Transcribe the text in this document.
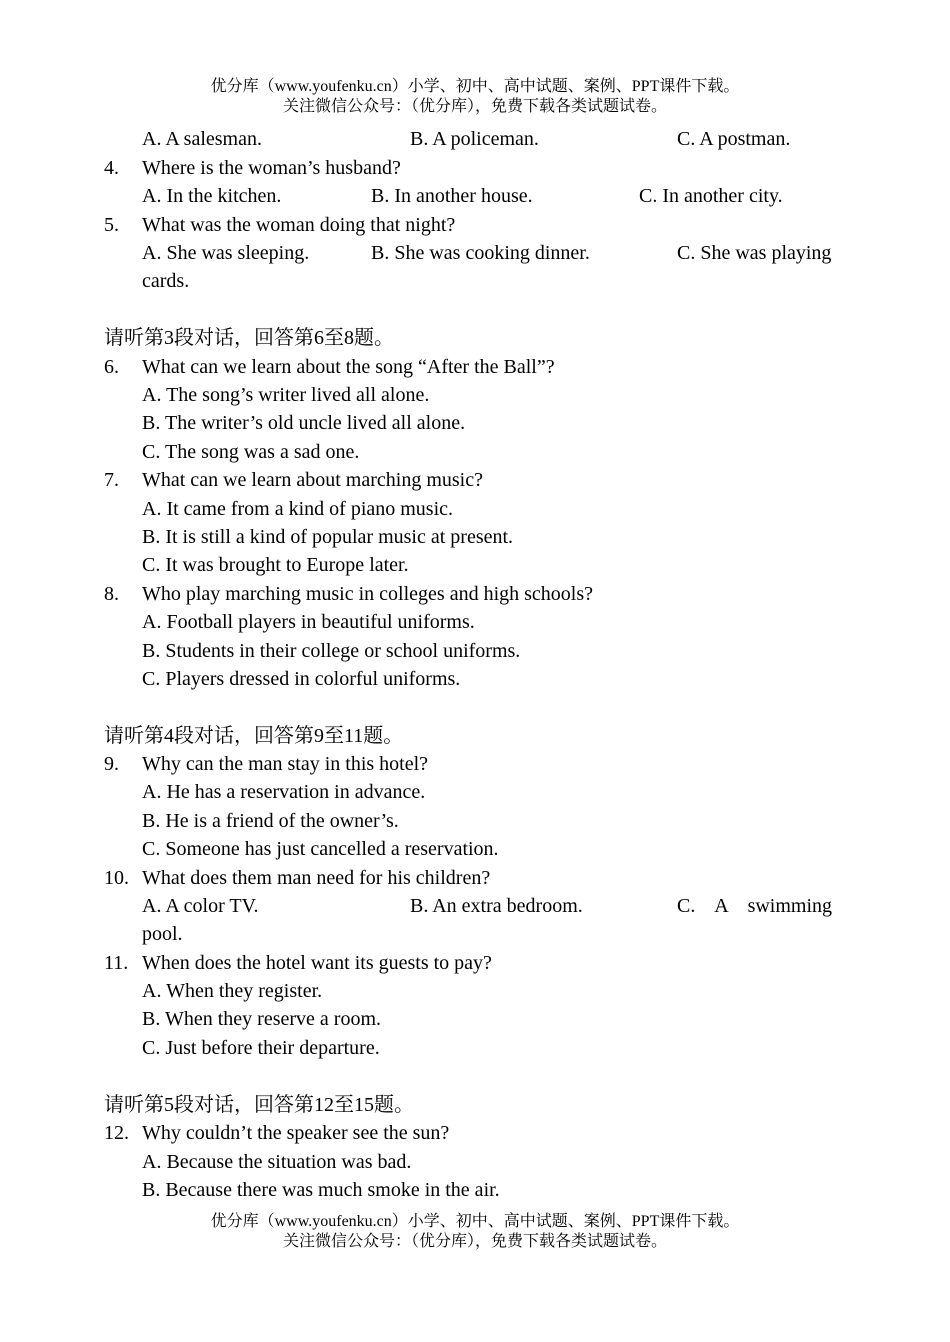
优分库（www.youfenku.cn）小学、初中、高中试题、案例、PPT课件下载。
关注微信公众号：（优分库），免费下载各类试题试卷。
A. A salesman.	B. A policeman.	C. A postman.
4. Where is the woman’s husband?
A. In the kitchen.	B. In another house.	C. In another city.
5. What was the woman doing that night?
A. She was sleeping.	B. She was cooking dinner.	C. She was playing
cards.
请听第3段对话，回答第6至8题。
6. What can we learn about the song “After the Ball”?
A. The song’s writer lived all alone.
B. The writer’s old uncle lived all alone.
C. The song was a sad one.
7. What can we learn about marching music?
A. It came from a kind of piano music.
B. It is still a kind of popular music at present.
C. It was brought to Europe later.
8. Who play marching music in colleges and high schools?
A. Football players in beautiful uniforms.
B. Students in their college or school uniforms.
C. Players dressed in colorful uniforms.
请听第4段对话，回答第9至11题。
9. Why can the man stay in this hotel?
A. He has a reservation in advance.
B. He is a friend of the owner’s.
C. Someone has just cancelled a reservation.
10. What does them man need for his children?
A. A color TV.	B. An extra bedroom.	C.    A    swimming
pool.
11. When does the hotel want its guests to pay?
A. When they register.
B. When they reserve a room.
C. Just before their departure.
请听第5段对话，回答第12至15题。
12. Why couldn’t the speaker see the sun?
A. Because the situation was bad.
B. Because there was much smoke in the air.
优分库（www.youfenku.cn）小学、初中、高中试题、案例、PPT课件下载。
关注微信公众号：（优分库），免费下载各类试题试卷。
